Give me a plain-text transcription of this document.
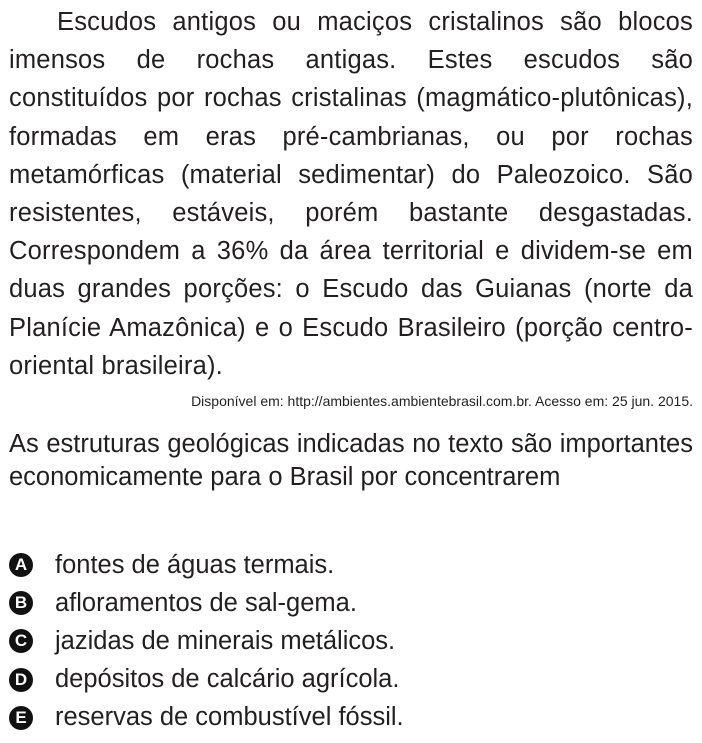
Escudos antigos ou maciços cristalinos são blocos imensos de rochas antigas. Estes escudos são constituídos por rochas cristalinas (magmático-plutônicas), formadas em eras pré-cambrianas, ou por rochas metamórficas (material sedimentar) do Paleozoico. São resistentes, estáveis, porém bastante desgastadas. Correspondem a 36% da área territorial e dividem-se em duas grandes porções: o Escudo das Guianas (norte da Planície Amazônica) e o Escudo Brasileiro (porção centro-oriental brasileira).

Disponível em: http://ambientes.ambientebrasil.com.br. Acesso em: 25 jun. 2015.

As estruturas geológicas indicadas no texto são importantes economicamente para o Brasil por concentrarem

A fontes de águas termais.
B afloramentos de sal-gema.
C jazidas de minerais metálicos.
D depósitos de calcário agrícola.
E reservas de combustível fóssil.
